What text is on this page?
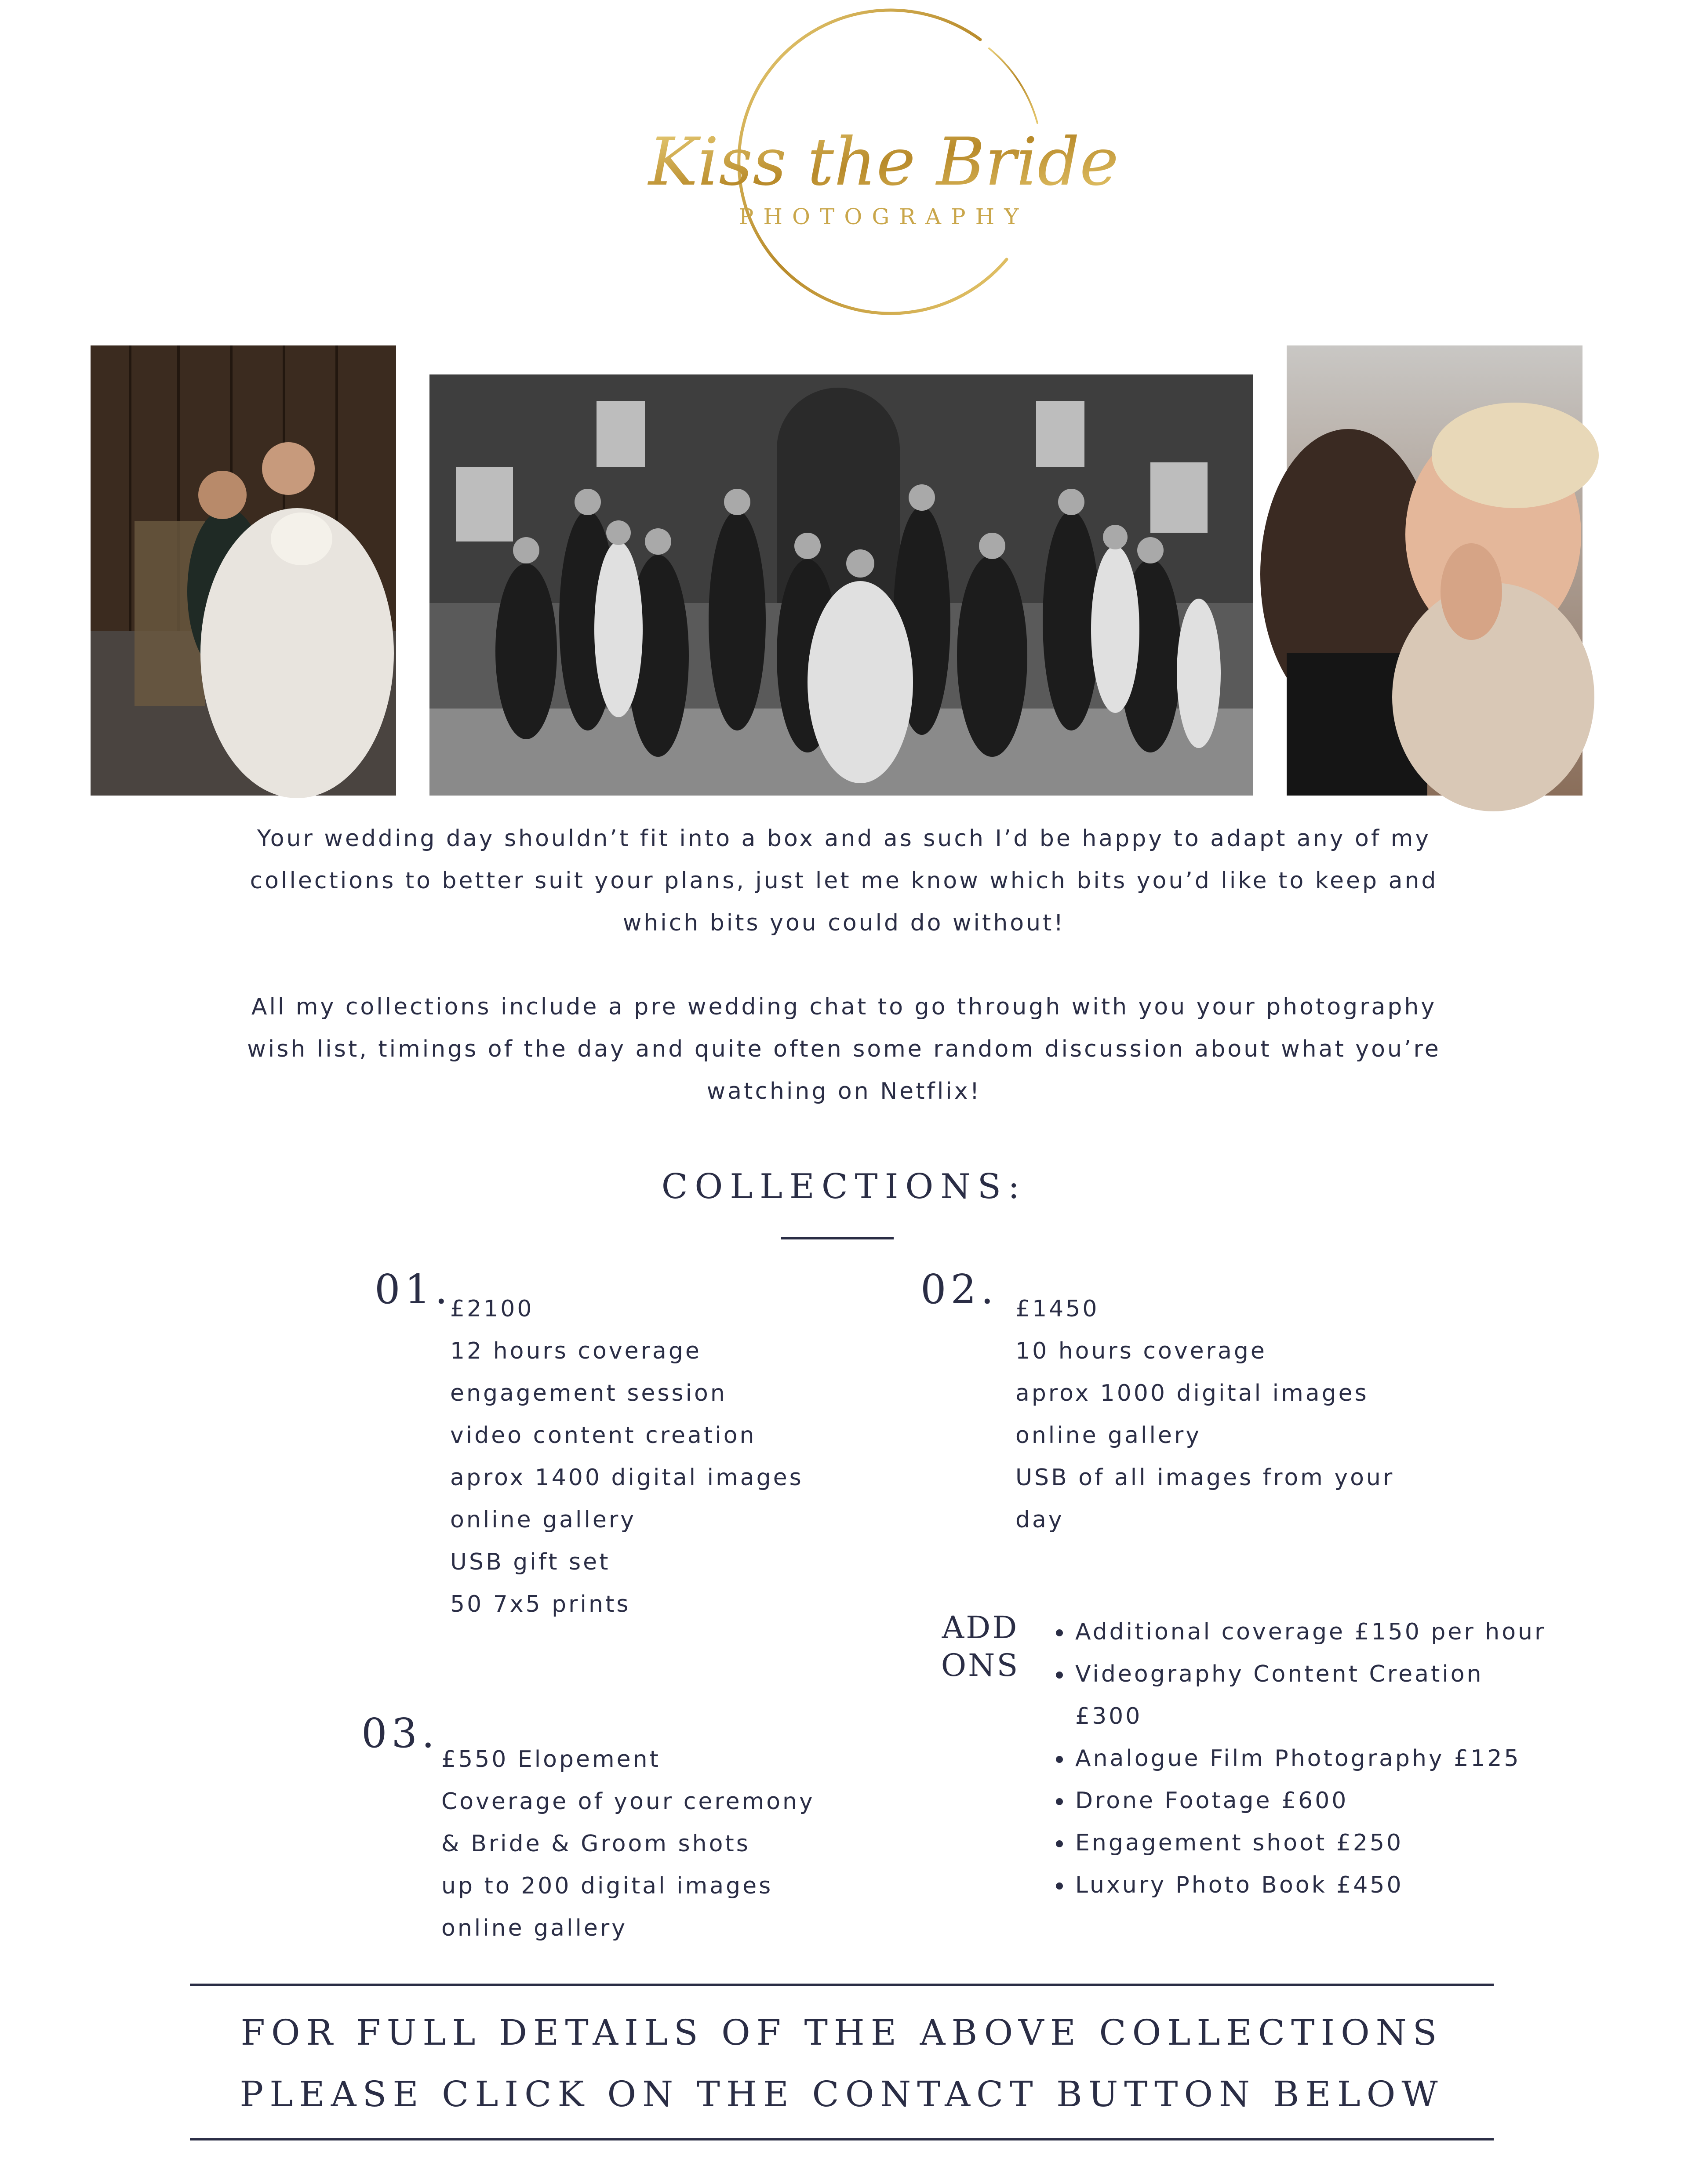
Kiss the Bride
PHOTOGRAPHY
Your wedding day shouldn’t fit into a box and as such I’d be happy to adapt any of my collections to better suit your plans, just let me know which bits you’d like to keep and which bits you could do without!
All my collections include a pre wedding chat to go through with you your photography wish list, timings of the day and quite often some random discussion about what you’re watching on Netflix!
COLLECTIONS:
01.
£2100
12 hours coverage
engagement session
video content creation
aprox 1400 digital images
online gallery
USB gift set
50 7x5 prints
02. £1450
10 hours coverage
aprox 1000 digital images
online gallery
USB of all images from your day
03.
£550 Elopement
Coverage of your ceremony
& Bride & Groom shots
up to 200 digital images
online gallery
ADD
ONS
• Additional coverage £150 per hour
• Videography Content Creation £300
• Analogue Film Photography £125
• Drone Footage £600
• Engagement shoot £250
• Luxury Photo Book £450
FOR FULL DETAILS OF THE ABOVE COLLECTIONS
PLEASE CLICK ON THE CONTACT BUTTON BELOW
